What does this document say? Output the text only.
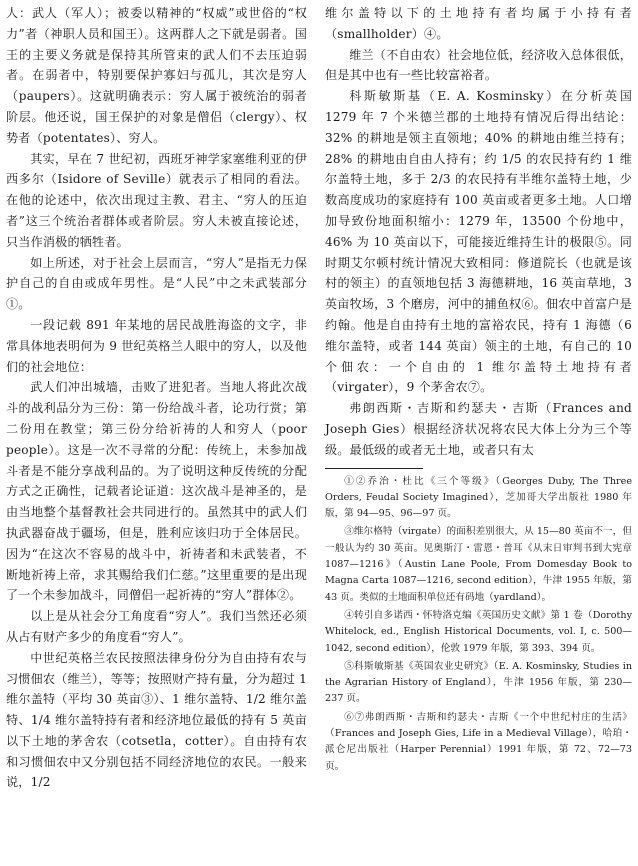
人：武人（军人）；被委以精神的“权威”或世俗的“权力”者（神职人员和国王）。这两群人之下就是弱者。国王的主要义务就是保持其所管束的武人们不去压迫弱者。在弱者中，特别要保护寡妇与孤儿，其次是穷人（paupers）。这就明确表示：穷人属于被统治的弱者阶层。他还说，国王保护的对象是僧侣（clergy）、权势者（potentates）、穷人。

其实，早在 7 世纪初，西班牙神学家塞维利亚的伊西多尔（Isidore of Seville）就表示了相同的看法。在他的论述中，依次出现过主教、君主、“穷人的压迫者”这三个统治者群体或者阶层。穷人未被直接论述，只当作消极的牺牲者。

如上所述，对于社会上层而言，“穷人”是指无力保护自己的自由或成年男性。是“人民”中之未武装部分①。

一段记载 891 年某地的居民战胜海盗的文字，非常具体地表明何为 9 世纪英格兰人眼中的穷人，以及他们的社会地位：

武人们冲出城墙，击败了进犯者。当地人将此次战斗的战利品分为三份：第一份给战斗者，论功行赏；第二份用在教堂；第三份分给祈祷的人和穷人（poor people）。这是一次不寻常的分配：传统上，未参加战斗者是不能分享战利品的。为了说明这种反传统的分配方式之正确性，记载者论证道：这次战斗是神圣的，是由当地整个基督教社会共同进行的。虽然其中的武人们执武器奋战于疆场，但是，胜利应该归功于全体居民。因为“在这次不容易的战斗中，祈祷者和未武装者，不断地祈祷上帝，求其赐给我们仁慈。”这里重要的是出现了一个未参加战斗，同僧侣一起祈祷的“穷人”群体②。

以上是从社会分工角度看“穷人”。我们当然还必须从占有财产多少的角度看“穷人”。

中世纪英格兰农民按照法律身份分为自由持有农与习惯佃农（维兰），等等；按照财产持有量，分为超过 1 维尔盖特（平均 30 英亩③）、1 维尔盖特、1/2 维尔盖特、1/4 维尔盖特持有者和经济地位最低的持有 5 英亩以下土地的茅舍农（cotsetla，cotter）。自由持有农和习惯佃农中又分别包括不同经济地位的农民。一般来说，1/2

维尔盖特以下的土地持有者均属于小持有者（smallholder）④。

维兰（不自由农）社会地位低，经济收入总体很低，但是其中也有一些比较富裕者。

科斯敏斯基（E. A. Kosminsky）在分析英国 1279 年 7 个米德兰郡的土地持有情况后得出结论：32% 的耕地是领主直领地；40% 的耕地由维兰持有；28% 的耕地由自由人持有；约 1/5 的农民持有约 1 维尔盖特土地，多于 2/3 的农民持有半维尔盖特土地，少数高度成功的家庭持有 100 英亩或者更多土地。人口增加导致份地面积缩小：1279 年，13500 个份地中，46% 为 10 英亩以下，可能接近维持生计的极限⑤。同时期艾尔顿村统计情况大致相同：修道院长（也就是该村的领主）的直领地包括 3 海德耕地，16 英亩草地，3 英亩牧场，3 个磨房，河中的捕鱼权⑥。佃农中首富户是约翰。他是自由持有土地的富裕农民，持有 1 海德（6 维尔盖特，或者 144 英亩）领主的土地，有自己的 10 个佃农：一个自由的 1 维尔盖特土地持有者（virgater），9 个茅舍农⑦。

弗朗西斯・吉斯和约瑟夫・吉斯（Frances and Joseph Gies）根据经济状况将农民大体上分为三个等级。最低级的或者无土地，或者只有太

①②乔治・杜比《三个等级》（Georges Duby, The Three Orders, Feudal Society Imagined），芝加哥大学出版社 1980 年版，第 94—95、96—97 页。

③维尔格特（virgate）的面积差别很大，从 15—80 英亩不一，但一般认为约 30 英亩。见奥斯汀・雷恩・普耳《从末日审判书到大宪章 1087—1216》（Austin Lane Poole, From Domesday Book to Magna Carta 1087—1216, second edition），牛津 1955 年版，第 43 页。类似的土地面积单位还有码地（yardland）。

④转引自多诺西・怀特洛克编《英国历史文献》第 1 卷（Dorothy Whitelock, ed., English Historical Documents, vol. I, c. 500—1042, second edition），伦敦 1979 年版，第 393、394 页。

⑤科斯敏斯基《英国农业史研究》（E. A. Kosminsky, Studies in the Agrarian History of England），牛津 1956 年版，第 230—237 页。

⑥⑦弗朗西斯・吉斯和约瑟夫・吉斯《一个中世纪村庄的生活》（Frances and Joseph Gies, Life in a Medieval Village），哈珀・派仑尼出版社（Harper Perennial）1991 年版，第 72、72—73 页。
